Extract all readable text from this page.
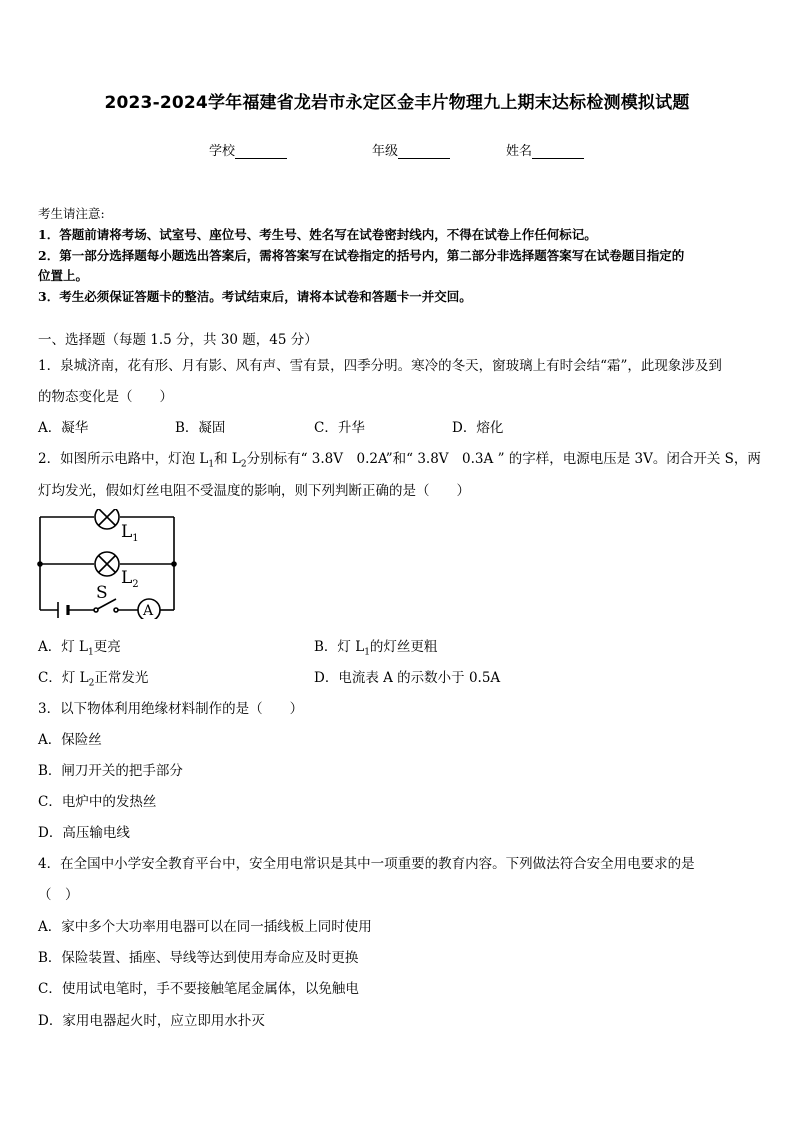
2023-2024学年福建省龙岩市永定区金丰片物理九上期末达标检测模拟试题
学校	年级	姓名
考生请注意:
1．答题前请将考场、试室号、座位号、考生号、姓名写在试卷密封线内，不得在试卷上作任何标记。
2．第一部分选择题每小题选出答案后，需将答案写在试卷指定的括号内，第二部分非选择题答案写在试卷题目指定的
位置上。
3．考生必须保证答题卡的整洁。考试结束后，请将本试卷和答题卡一并交回。
一、选择题（每题 1.5 分，共 30 题，45 分）
1．泉城济南，花有形、月有影、风有声、雪有景，四季分明。寒冷的冬天，窗玻璃上有时会结“霜”，此现象涉及到
的物态变化是（　　）
A．凝华	B．凝固	C．升华	D．熔化
2．如图所示电路中，灯泡 $L_1$和 $L_2$分别标有“ 3.8V　0.2A”和“ 3.8V　0.3A ” 的字样，电源电压是 3V。闭合开关 S，两
灯均发光，假如灯丝电阻不受温度的影响，则下列判断正确的是（　　）
$L_1$
$L_2$
S
A
A．灯 $L_1$更亮	B．灯 $L_1$的灯丝更粗
C．灯 $L_2$正常发光	D．电流表 A 的示数小于 0.5A
3．以下物体利用绝缘材料制作的是（　　）
A．保险丝
B．闸刀开关的把手部分
C．电炉中的发热丝
D．高压输电线
4．在全国中小学安全教育平台中，安全用电常识是其中一项重要的教育内容。下列做法符合安全用电要求的是
（　）
A．家中多个大功率用电器可以在同一插线板上同时使用
B．保险装置、插座、导线等达到使用寿命应及时更换
C．使用试电笔时，手不要接触笔尾金属体，以免触电
D．家用电器起火时，应立即用水扑灭
